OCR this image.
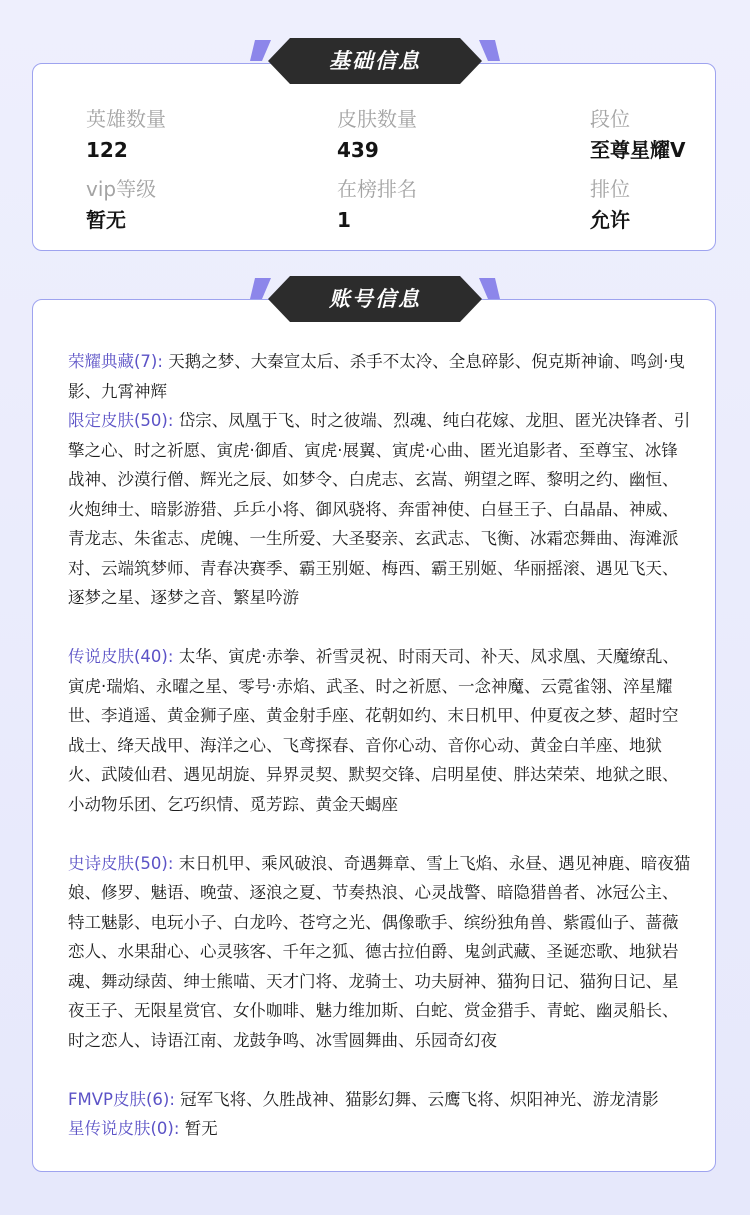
英雄数量
122
皮肤数量
439
段位
至尊星耀V
vip等级
暂无
在榜排名
1
排位
允许
基础信息
荣耀典藏(7): 天鹅之梦、大秦宣太后、杀手不太冷、全息碎影、倪克斯神谕、鸣剑·曳影、九霄神辉
限定皮肤(50): 岱宗、凤凰于飞、时之彼端、烈魂、纯白花嫁、龙胆、匿光决锋者、引擎之心、时之祈愿、寅虎·御盾、寅虎·展翼、寅虎·心曲、匿光追影者、至尊宝、冰锋战神、沙漠行僧、辉光之辰、如梦令、白虎志、玄嵩、朔望之晖、黎明之约、幽恒、火炮绅士、暗影游猎、乒乒小将、御风骁将、奔雷神使、白昼王子、白晶晶、神威、青龙志、朱雀志、虎魄、一生所爱、大圣娶亲、玄武志、飞衡、冰霜恋舞曲、海滩派对、云端筑梦师、青春决赛季、霸王别姬、梅西、霸王别姬、华丽摇滚、遇见飞天、逐梦之星、逐梦之音、繁星吟游
传说皮肤(40): 太华、寅虎·赤拳、祈雪灵祝、时雨天司、补天、凤求凰、天魔缭乱、寅虎·瑞焰、永曜之星、零号·赤焰、武圣、时之祈愿、一念神魔、云霓雀翎、淬星耀世、李逍遥、黄金狮子座、黄金射手座、花朝如约、末日机甲、仲夏夜之梦、超时空战士、绛天战甲、海洋之心、飞鸢探春、音你心动、音你心动、黄金白羊座、地狱火、武陵仙君、遇见胡旋、异界灵契、默契交锋、启明星使、胖达荣荣、地狱之眼、小动物乐团、乞巧织情、觅芳踪、黄金天蝎座
史诗皮肤(50): 末日机甲、乘风破浪、奇遇舞章、雪上飞焰、永昼、遇见神鹿、暗夜猫娘、修罗、魅语、晚萤、逐浪之夏、节奏热浪、心灵战警、暗隐猎兽者、冰冠公主、特工魅影、电玩小子、白龙吟、苍穹之光、偶像歌手、缤纷独角兽、紫霞仙子、蔷薇恋人、水果甜心、心灵骇客、千年之狐、德古拉伯爵、鬼剑武藏、圣诞恋歌、地狱岩魂、舞动绿茵、绅士熊喵、天才门将、龙骑士、功夫厨神、猫狗日记、猫狗日记、星夜王子、无限星赏官、女仆咖啡、魅力维加斯、白蛇、赏金猎手、青蛇、幽灵船长、时之恋人、诗语江南、龙鼓争鸣、冰雪圆舞曲、乐园奇幻夜
FMVP皮肤(6): 冠军飞将、久胜战神、猫影幻舞、云鹰飞将、炽阳神光、游龙清影
星传说皮肤(0): 暂无
账号信息
